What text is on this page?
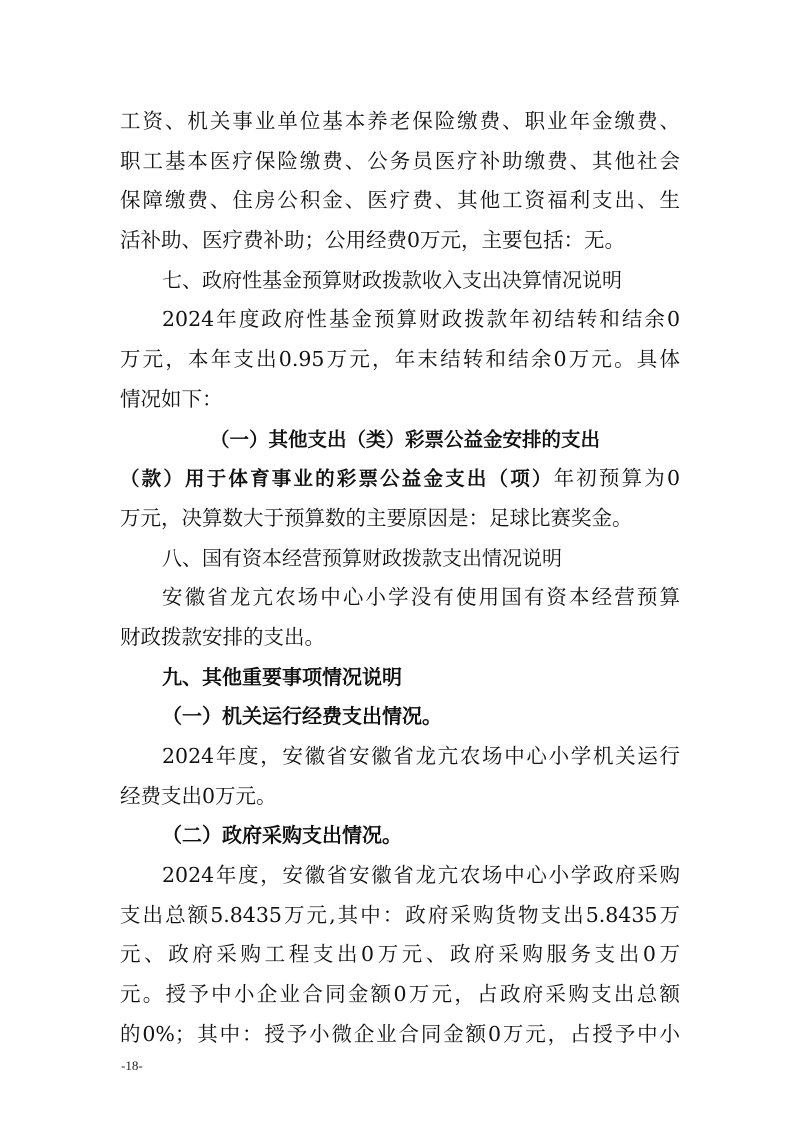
工资、机关事业单位基本养老保险缴费、职业年金缴费、
职工基本医疗保险缴费、公务员医疗补助缴费、其他社会
保障缴费、住房公积金、医疗费、其他工资福利支出、生
活补助、医疗费补助；公用经费0万元，主要包括：无。
七、政府性基金预算财政拨款收入支出决算情况说明
2024年度政府性基金预算财政拨款年初结转和结余0
万元，本年支出0.95万元，年末结转和结余0万元。具体
情况如下：
（一）其他支出（类）彩票公益金安排的支出
（款）用于体育事业的彩票公益金支出（项）年初预算为0
万元，决算数大于预算数的主要原因是：足球比赛奖金。
八、国有资本经营预算财政拨款支出情况说明
安徽省龙亢农场中心小学没有使用国有资本经营预算
财政拨款安排的支出。
九、其他重要事项情况说明
（一）机关运行经费支出情况。
2024年度，安徽省安徽省龙亢农场中心小学机关运行
经费支出0万元。
（二）政府采购支出情况。
2024年度，安徽省安徽省龙亢农场中心小学政府采购
支出总额5.8435万元,其中：政府采购货物支出5.8435万
元、政府采购工程支出0万元、政府采购服务支出0万
元。授予中小企业合同金额0万元，占政府采购支出总额
的0%；其中：授予小微企业合同金额0万元，占授予中小
-18-
